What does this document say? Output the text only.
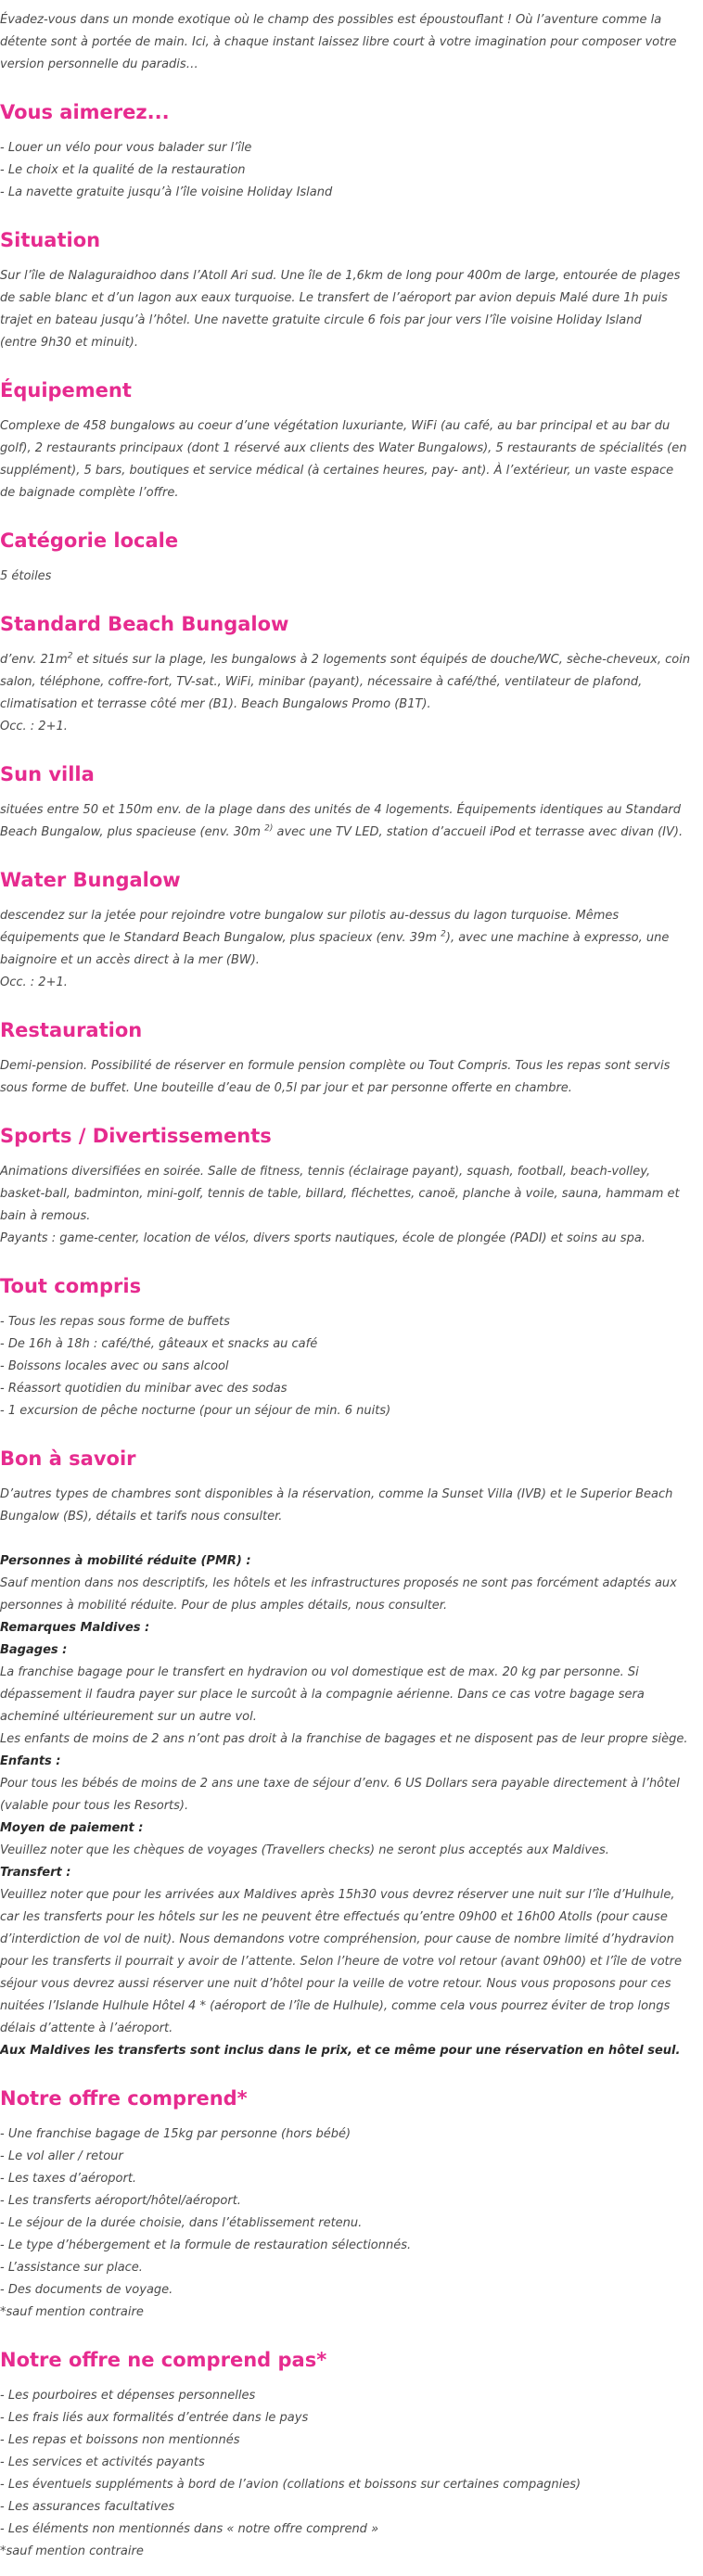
Évadez-vous dans un monde exotique où le champ des possibles est époustouflant ! Où l’aventure comme la détente sont à portée de main. Ici, à chaque instant laissez libre court à votre imagination pour composer votre version personnelle du paradis…

Vous aimerez...
- Louer un vélo pour vous balader sur l’île
- Le choix et la qualité de la restauration
- La navette gratuite jusqu’à l’île voisine Holiday Island
Situation

Sur l’île de Nalaguraidhoo dans l’Atoll Ari sud. Une île de 1,6km de long pour 400m de large, entourée de plages de sable blanc et d’un lagon aux eaux turquoise. Le transfert de l’aéroport par avion depuis Malé dure 1h puis trajet en bateau jusqu’à l’hôtel. Une navette gratuite circule 6 fois par jour vers l’île voisine Holiday Island
(entre 9h30 et minuit).

Équipement

Complexe de 458 bungalows au coeur d’une végétation luxuriante, WiFi (au café, au bar principal et au bar du golf), 2 restaurants principaux (dont 1 réservé aux clients des Water Bungalows), 5 restaurants de spécialités (en supplément), 5 bars, boutiques et service médical (à certaines heures, pay- ant). À l’extérieur, un vaste espace de baignade complète l’offre.

Catégorie locale

5 étoiles

Standard Beach Bungalow

d’env. $21m^2$ et situés sur la plage, les bungalows à 2 logements sont équipés de douche/WC, sèche-cheveux, coin salon, téléphone, coffre-fort, TV-sat., WiFi, minibar (payant), nécessaire à café/thé, ventilateur de plafond, climatisation et terrasse côté mer (B1). Beach Bungalows Promo (B1T).
Occ. : 2+1.

Sun villa

situées entre 50 et 150m env. de la plage dans des unités de 4 logements. Équipements identiques au Standard Beach Bungalow, plus spacieuse (env. 30m $^{2)}$ avec une TV LED, station d’accueil iPod et terrasse avec divan (IV).

Water Bungalow

descendez sur la jetée pour rejoindre votre bungalow sur pilotis au-dessus du lagon turquoise. Mêmes équipements que le Standard Beach Bungalow, plus spacieux (env. 39m $^2$), avec une machine à expresso, une baignoire et un accès direct à la mer (BW).
Occ. : 2+1.

Restauration

Demi-pension. Possibilité de réserver en formule pension complète ou Tout Compris. Tous les repas sont servis sous forme de buffet. Une bouteille d’eau de 0,5l par jour et par personne offerte en chambre.

Sports / Divertissements

Animations diversifiées en soirée. Salle de fitness, tennis (éclairage payant), squash, football, beach-volley, basket-ball, badminton, mini-golf, tennis de table, billard, fléchettes, canoë, planche à voile, sauna, hammam et bain à remous.
Payants : game-center, location de vélos, divers sports nautiques, école de plongée (PADI) et soins au spa.

Tout compris
- Tous les repas sous forme de buffets
- De 16h à 18h : café/thé, gâteaux et snacks au café
- Boissons locales avec ou sans alcool
- Réassort quotidien du minibar avec des sodas
- 1 excursion de pêche nocturne (pour un séjour de min. 6 nuits)
Bon à savoir

D’autres types de chambres sont disponibles à la réservation, comme la Sunset Villa (IVB) et le Superior Beach Bungalow (BS), détails et tarifs nous consulter.

Personnes à mobilité réduite (PMR) :
Sauf mention dans nos descriptifs, les hôtels et les infrastructures proposés ne sont pas forcément adaptés aux personnes à mobilité réduite. Pour de plus amples détails, nous consulter.
Remarques Maldives :
Bagages :
La franchise bagage pour le transfert en hydravion ou vol domestique est de max. 20 kg par personne. Si dépassement il faudra payer sur place le surcoût à la compagnie aérienne. Dans ce cas votre bagage sera acheminé ultérieurement sur un autre vol.
Les enfants de moins de 2 ans n’ont pas droit à la franchise de bagages et ne disposent pas de leur propre siège.
Enfants :
Pour tous les bébés de moins de 2 ans une taxe de séjour d’env. 6 US Dollars sera payable directement à l’hôtel (valable pour tous les Resorts).
Moyen de paiement :
Veuillez noter que les chèques de voyages (Travellers checks) ne seront plus acceptés aux Maldives.
Transfert :
Veuillez noter que pour les arrivées aux Maldives après 15h30 vous devrez réserver une nuit sur l’île d’Hulhule, car les transferts pour les hôtels sur les ne peuvent être effectués qu’entre 09h00 et 16h00 Atolls (pour cause d’interdiction de vol de nuit). Nous demandons votre compréhension, pour cause de nombre limité d’hydravion pour les transferts il pourrait y avoir de l’attente. Selon l’heure de votre vol retour (avant 09h00) et l’île de votre séjour vous devrez aussi réserver une nuit d’hôtel pour la veille de votre retour. Nous vous proposons pour ces nuitées l’Islande Hulhule Hôtel 4 * (aéroport de l’île de Hulhule), comme cela vous pourrez éviter de trop longs délais d’attente à l’aéroport.
Aux Maldives les transferts sont inclus dans le prix, et ce même pour une réservation en hôtel seul.

Notre offre comprend*
- Une franchise bagage de 15kg par personne (hors bébé)
- Le vol aller / retour
- Les taxes d’aéroport.
- Les transferts aéroport/hôtel/aéroport.
- Le séjour de la durée choisie, dans l’établissement retenu.
- Le type d’hébergement et la formule de restauration sélectionnés.
- L’assistance sur place.
- Des documents de voyage.
*sauf mention contraire
Notre offre ne comprend pas*
- Les pourboires et dépenses personnelles
- Les frais liés aux formalités d’entrée dans le pays
- Les repas et boissons non mentionnés
- Les services et activités payants
- Les éventuels suppléments à bord de l’avion (collations et boissons sur certaines compagnies)
- Les assurances facultatives
- Les éléments non mentionnés dans « notre offre comprend »
*sauf mention contraire
